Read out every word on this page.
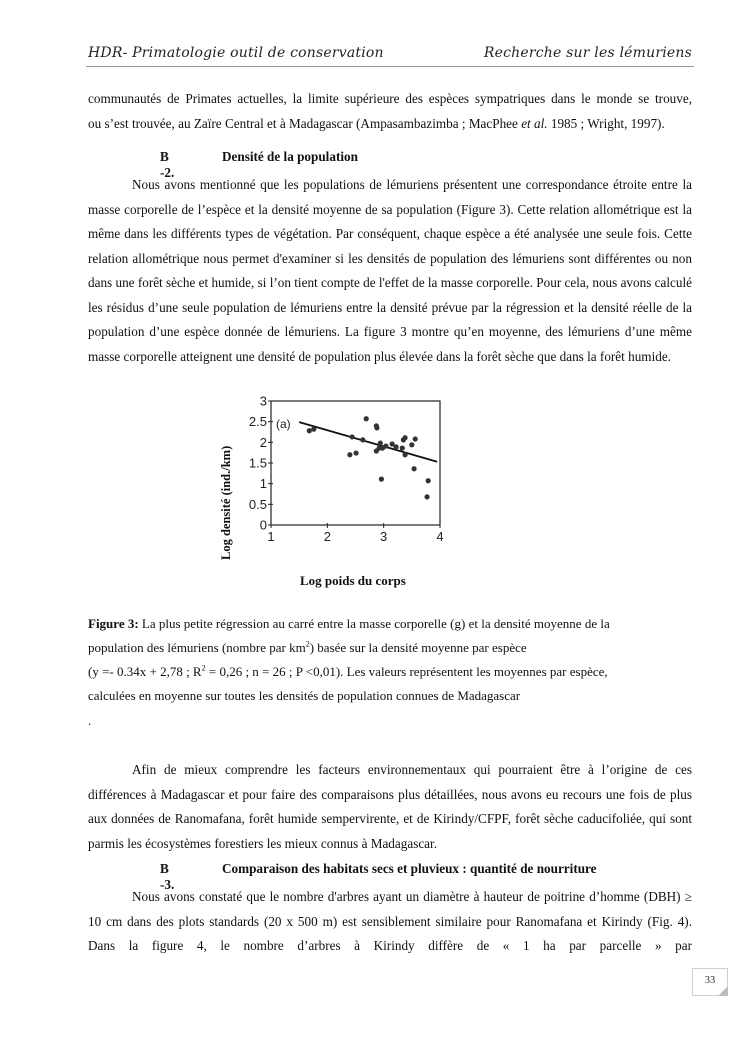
HDR- Primatologie outil de conservation	Recherche sur les lémuriens

communautés de Primates actuelles, la limite supérieure des espèces sympatriques dans le monde se trouve,

ou s’est trouvée, au Zaïre Central et à Madagascar (Ampasambazimba ; MacPhee et al. 1985 ; Wright, 1997).

B -2.
Densité de la population

Nous avons mentionné que les populations de lémuriens présentent une correspondance étroite entre la masse corporelle de l’espèce et la densité moyenne de sa population (Figure 3). Cette relation allométrique est la même dans les différents types de végétation. Par conséquent, chaque espèce a été analysée une seule fois. Cette relation allométrique nous permet d'examiner si les densités de population des lémuriens sont différentes ou non dans une forêt sèche et humide, si l’on tient compte de l'effet de la masse corporelle. Pour cela, nous avons calculé les résidus d’une seule population de lémuriens entre la densité prévue par la régression et la densité réelle de la population d’une espèce donnée de lémuriens. La figure 3 montre qu’en moyenne, des lémuriens d’une même masse corporelle atteignent une densité de population plus élevée dans la forêt sèche que dans la forêt humide.

0
0.5
1
1.5
2
2.5
3
1	2	3	4
(a)
Log densité (ind./km)
Log poids du corps
Figure 3: La plus petite régression au carré entre la masse corporelle (g) et la densité moyenne de la
population des lémuriens (nombre par $km^2$) basée sur la densité moyenne par espèce
(y =- 0.34x + 2,78 ; $R^2 = 0,26$ ; n = 26 ; P <0,01). Les valeurs représentent les moyennes par espèce,
calculées en moyenne sur toutes les densités de population connues de Madagascar
.

Afin de mieux comprendre les facteurs environnementaux qui pourraient être à l’origine de ces différences à Madagascar et pour faire des comparaisons plus détaillées, nous avons eu recours une fois de plus aux données de Ranomafana, forêt humide sempervirente, et de Kirindy/CFPF, forêt sèche caducifoliée, qui sont parmis les écosystèmes forestiers les mieux connus à Madagascar.

B -3.
Comparaison des habitats secs et pluvieux : quantité de nourriture

Nous avons constaté que le nombre d'arbres ayant un diamètre à hauteur de poitrine d’homme (DBH) ≥ 10 cm dans des plots standards (20 x 500 m) est sensiblement similaire pour Ranomafana et Kirindy (Fig. 4). Dans la figure 4, le nombre d’arbres à Kirindy diffère de « 1 ha par parcelle » par

33
